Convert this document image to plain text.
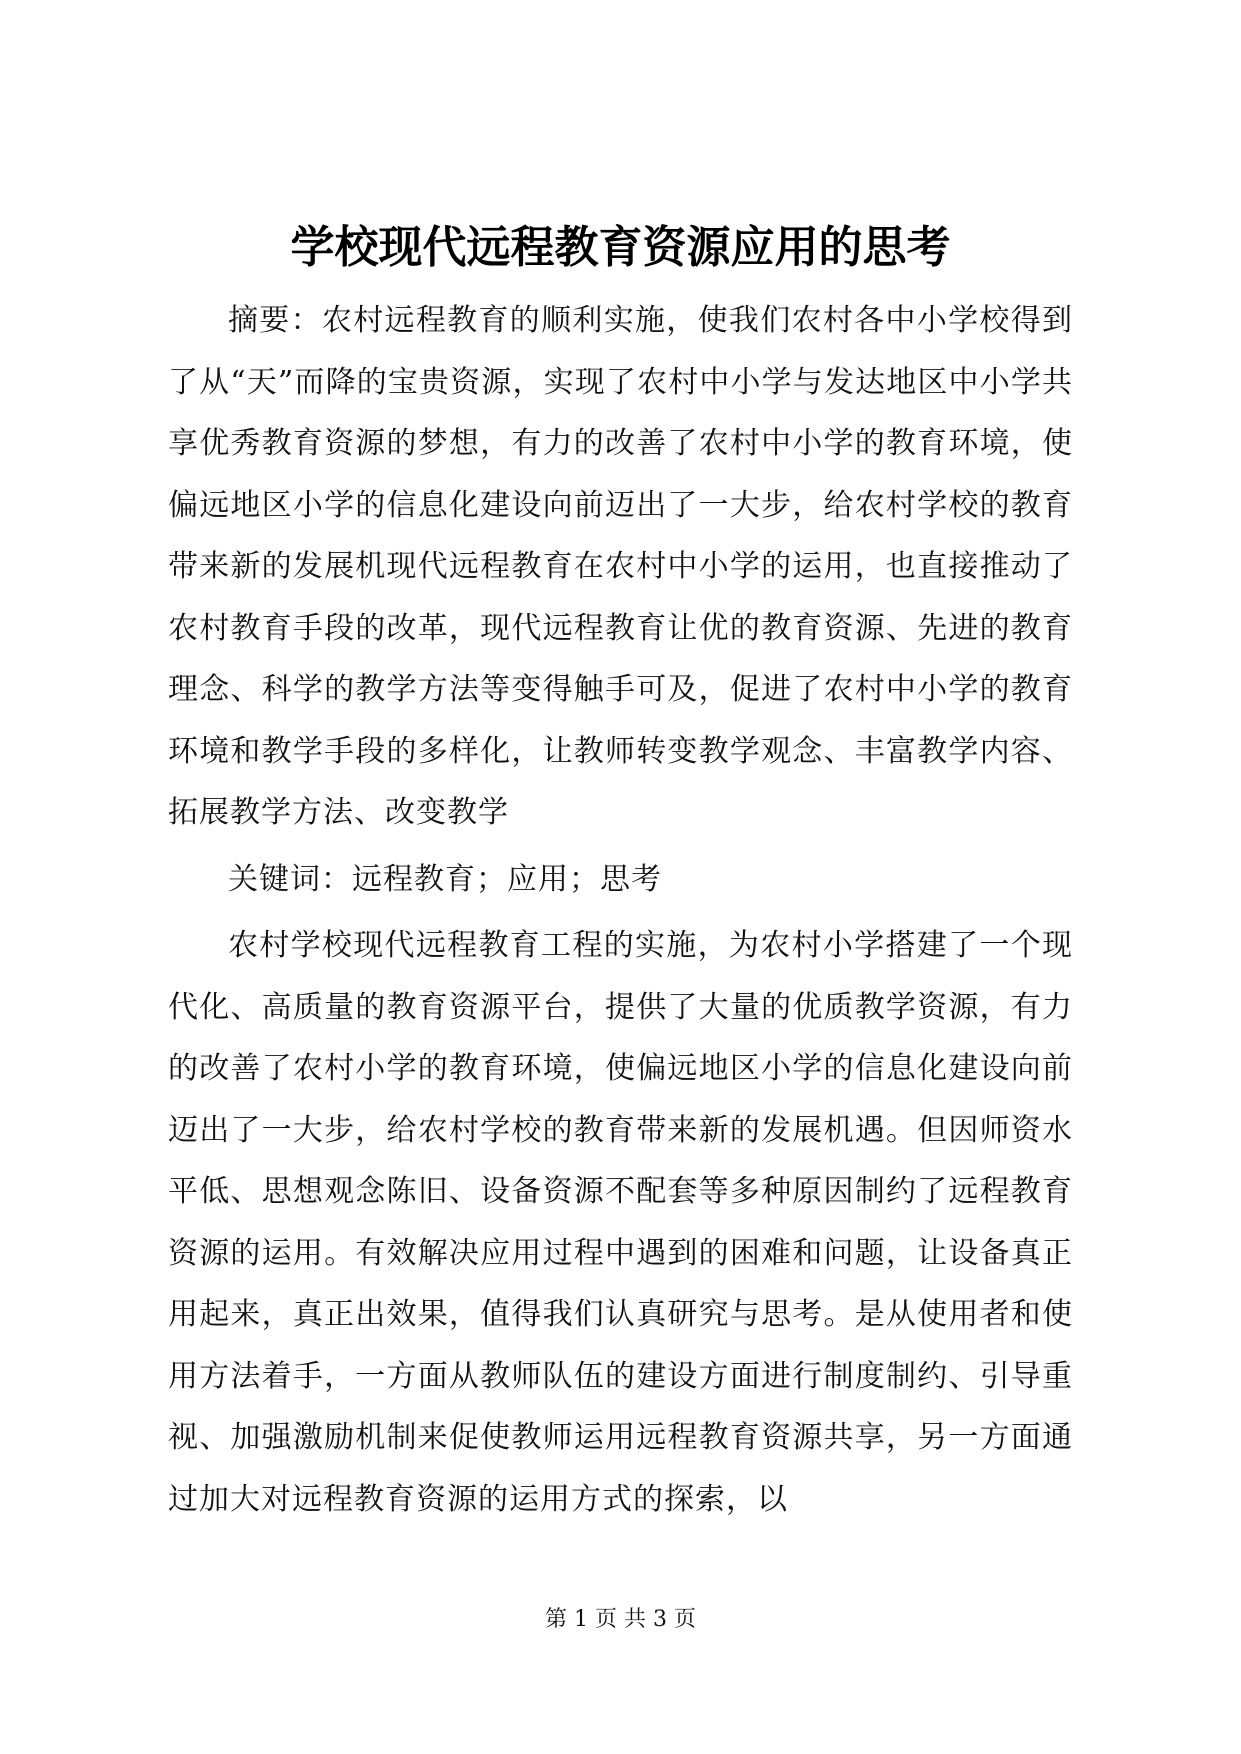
学校现代远程教育资源应用的思考

摘要：农村远程教育的顺利实施，使我们农村各中小学校得到了从“天”而降的宝贵资源，实现了农村中小学与发达地区中小学共享优秀教育资源的梦想，有力的改善了农村中小学的教育环境，使偏远地区小学的信息化建设向前迈出了一大步，给农村学校的教育带来新的发展机现代远程教育在农村中小学的运用，也直接推动了农村教育手段的改革，现代远程教育让优的教育资源、先进的教育理念、科学的教学方法等变得触手可及，促进了农村中小学的教育环境和教学手段的多样化，让教师转变教学观念、丰富教学内容、拓展教学方法、改变教学

关键词：远程教育；应用；思考

农村学校现代远程教育工程的实施，为农村小学搭建了一个现代化、高质量的教育资源平台，提供了大量的优质教学资源，有力的改善了农村小学的教育环境，使偏远地区小学的信息化建设向前迈出了一大步，给农村学校的教育带来新的发展机遇。但因师资水平低、思想观念陈旧、设备资源不配套等多种原因制约了远程教育资源的运用。有效解决应用过程中遇到的困难和问题，让设备真正用起来，真正出效果，值得我们认真研究与思考。是从使用者和使用方法着手，一方面从教师队伍的建设方面进行制度制约、引导重视、加强激励机制来促使教师运用远程教育资源共享，另一方面通过加大对远程教育资源的运用方式的探索，以

第 1 页 共 3 页
